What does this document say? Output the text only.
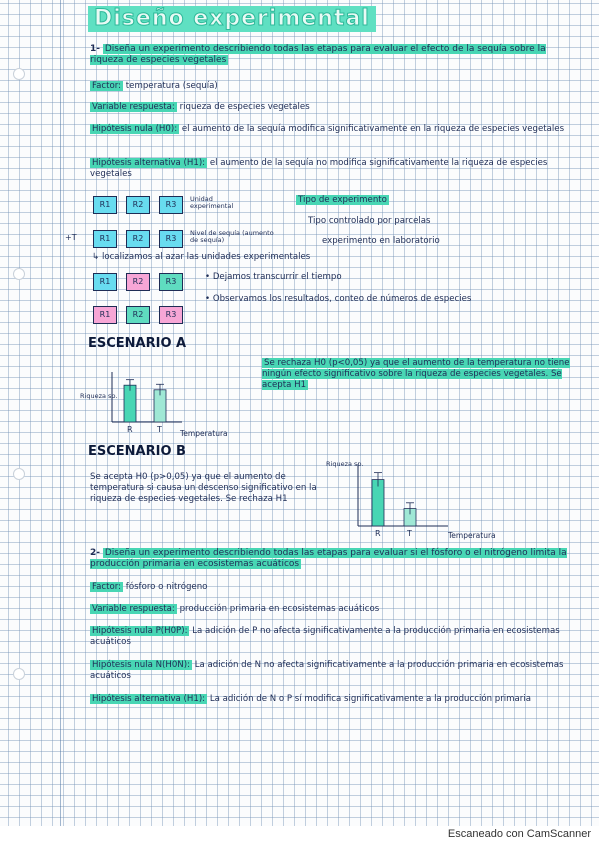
Diseño experimental
1- Diseña un experimento describiendo todas las etapas para evaluar el efecto de la sequía sobre la riqueza de especies vegetales
Factor: temperatura (sequía)
Variable respuesta: riqueza de especies vegetales
Hipótesis nula (H0): el aumento de la sequía modifica significativamente en la riqueza de especies vegetales
Hipótesis alternativa (H1): el aumento de la sequía no modifica significativamente la riqueza de especies vegetales
R1	R2	R3
Unidad experimental
+T	R1	R2	R3
Nivel de sequía (aumento de sequía)
↳ localizamos al azar las unidades experimentales
Tipo de experimento
Tipo controlado por parcelas
experimento en laboratorio
R1	R2	R3
R1	R2	R3
• Dejamos transcurrir el tiempo
• Observamos los resultados, conteo de números de especies
ESCENARIO A
Riqueza sp.
Temperatura
R	T
Se rechaza H0 (p<0,05) ya que el aumento de la temperatura no tiene ningún efecto significativo sobre la riqueza de especies vegetales. Se acepta H1
ESCENARIO B
Se acepta H0 (p>0,05) ya que el aumento de temperatura si causa un descenso significativo en la riqueza de especies vegetales. Se rechaza H1
Riqueza sp.
Temperatura
R	T
2- Diseña un experimento describiendo todas las etapas para evaluar si el fósforo o el nitrógeno limita la producción primaria en ecosistemas acuáticos
Factor: fósforo o nitrógeno
Variable respuesta: producción primaria en ecosistemas acuáticos
Hipótesis nula P(H0P): La adición de P no afecta significativamente a la producción primaria en ecosistemas acuáticos
Hipótesis nula N(H0N): La adición de N no afecta significativamente a la producción primaria en ecosistemas acuáticos
Hipótesis alternativa (H1): La adición de N o P sí modifica significativamente a la producción primaria
Escaneado con CamScanner
